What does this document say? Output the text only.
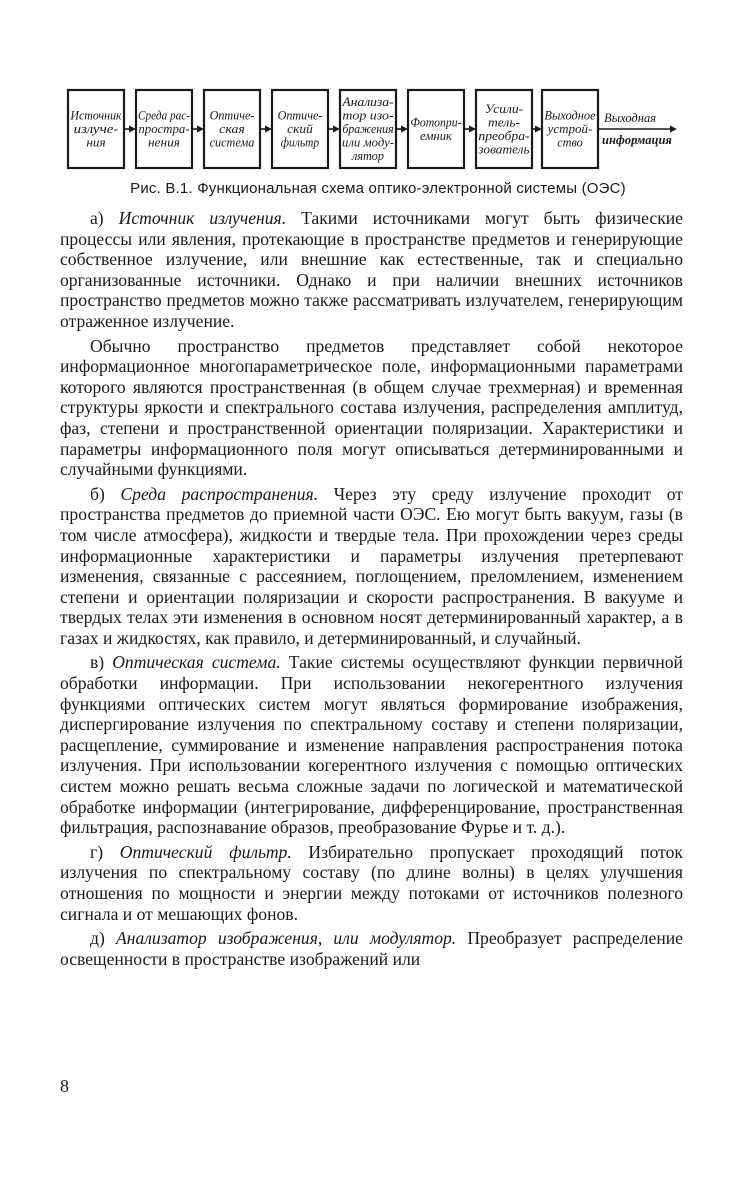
Источник
излуче-
ния
Среда рас-
простра-
нения
Оптиче-
ская
система
Оптиче-
ский
фильтр
Анализа-
тор изо-
бражения
или моду-
лятор
Фотопри-
емник
Усили-
тель-
преобра-
зователь
Выходное
устрой-
ство
Выходная
информация
Рис. В.1. Функциональная схема оптико-электронной системы (ОЭС)

а) Источник излучения. Такими источниками могут быть физические процессы или явления, протекающие в пространстве предметов и генерирующие собственное излучение, или внешние как естественные, так и специально организованные источники. Однако и при наличии внешних источников пространство предметов можно также рассматривать излучателем, генерирующим отраженное излучение.

Обычно пространство предметов представляет собой некоторое информационное многопараметрическое поле, информационными параметрами которого являются пространственная (в общем случае трехмерная) и временная структуры яркости и спектрального состава излучения, распределения амплитуд, фаз, степени и пространственной ориентации поляризации. Характеристики и параметры информационного поля могут описываться детерминированными и случайными функциями.

б) Среда распространения. Через эту среду излучение проходит от пространства предметов до приемной части ОЭС. Ею могут быть вакуум, газы (в том числе атмосфера), жидкости и твердые тела. При прохождении через среды информационные характеристики и параметры излучения претерпевают изменения, связанные с рассеянием, поглощением, преломлением, изменением степени и ориентации поляризации и скорости распространения. В вакууме и твердых телах эти изменения в основном носят детерминированный характер, а в газах и жидкостях, как правило, и детерминированный, и случайный.

в) Оптическая система. Такие системы осуществляют функции первичной обработки информации. При использовании некогерентного излучения функциями оптических систем могут являться формирование изображения, диспергирование излучения по спектральному составу и степени поляризации, расщепление, суммирование и изменение направления распространения потока излучения. При использовании когерентного излучения с помощью оптических систем можно решать весьма сложные задачи по логической и математической обработке информации (интегрирование, дифференцирование, пространственная фильтрация, распознавание образов, преобразование Фурье и т. д.).

г) Оптический фильтр. Избирательно пропускает проходящий поток излучения по спектральному составу (по длине волны) в целях улучшения отношения по мощности и энергии между потоками от источников полезного сигнала и от мешающих фонов.

д) Анализатор изображения, или модулятор. Преобразует распределение освещенности в пространстве изображений или

8
